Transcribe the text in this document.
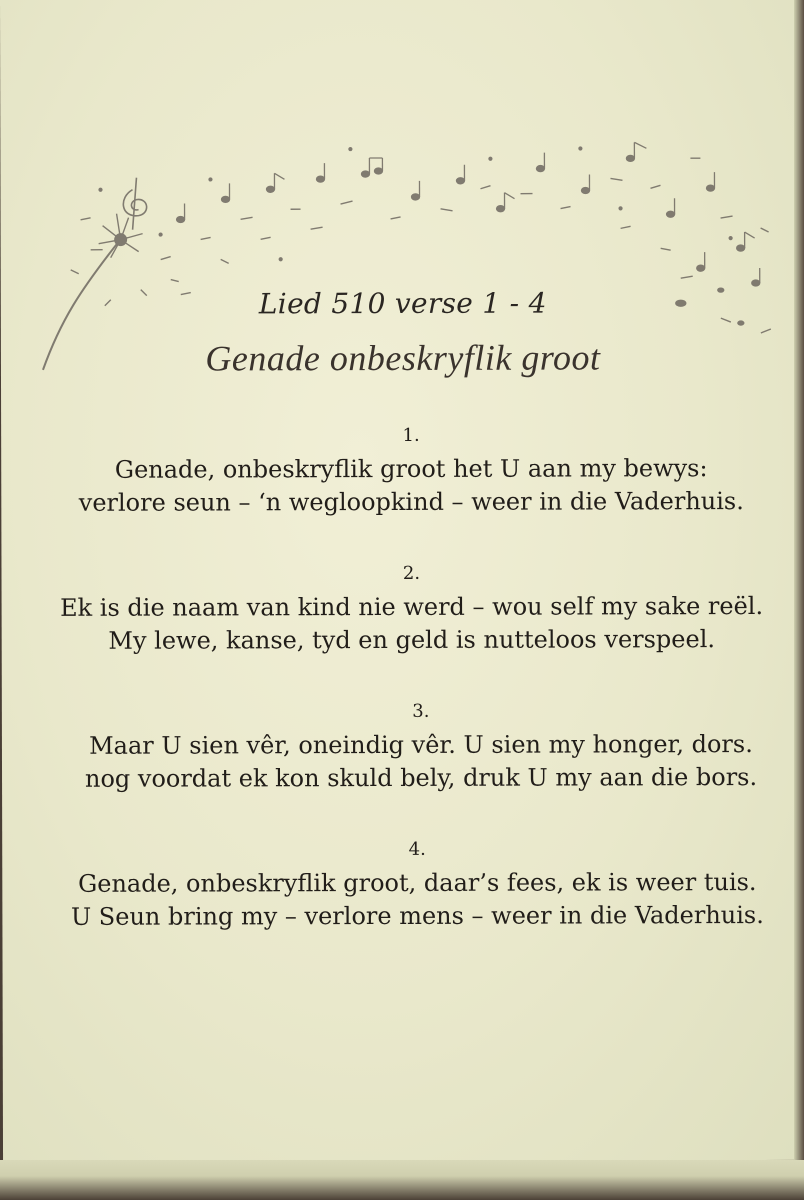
Lied 510 verse 1 - 4
Genade onbeskryflik groot
1.
Genade, onbeskryflik groot het U aan my bewys:
verlore seun – ‘n wegloopkind – weer in die Vaderhuis.
2.
Ek is die naam van kind nie werd – wou self my sake reël.
My lewe, kanse, tyd en geld is nutteloos verspeel.
3.
Maar U sien vêr, oneindig vêr. U sien my honger, dors.
nog voordat ek kon skuld bely, druk U my aan die bors.
4.
Genade, onbeskryflik groot, daar’s fees, ek is weer tuis.
U Seun bring my – verlore mens – weer in die Vaderhuis.
